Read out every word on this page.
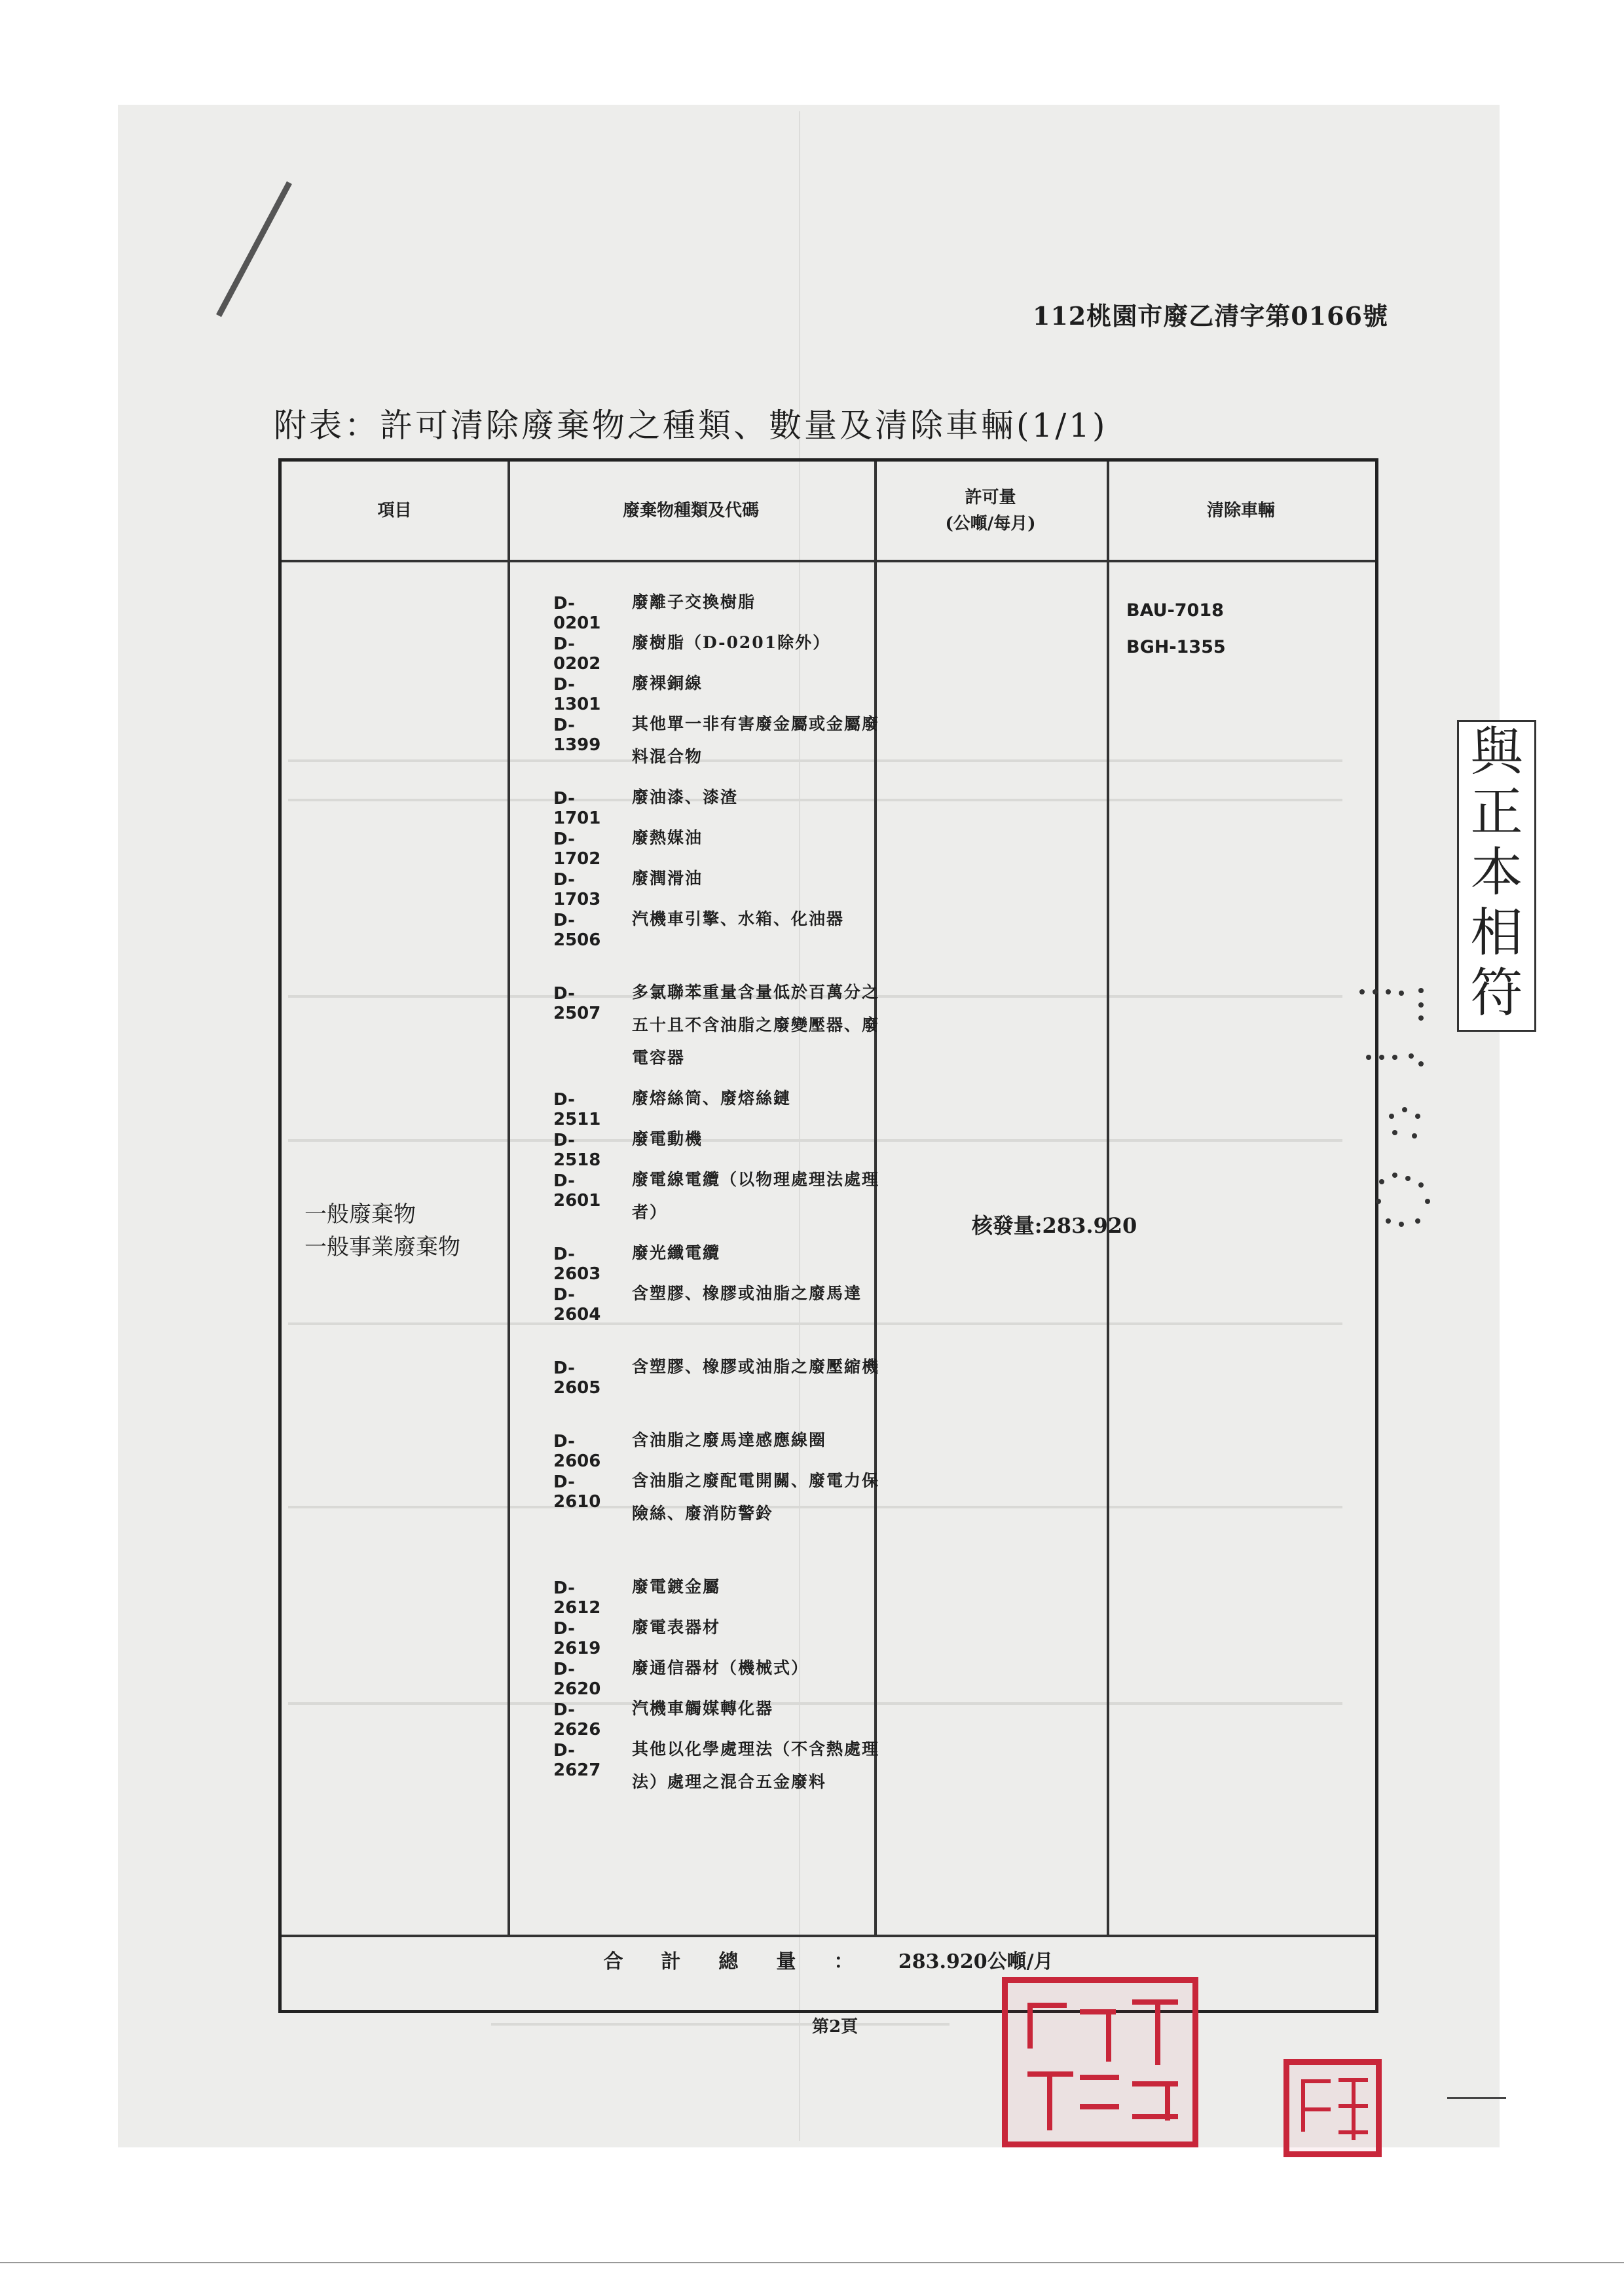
112桃園市廢乙清字第0166號
附表：許可清除廢棄物之種類、數量及清除車輛(1/1)
項目	廢棄物種類及代碼
許可量
(公噸/每月)
清除車輛
一般廢棄物
一般事業廢棄物
核發量:283.920
BAU-7018
BGH-1355
D-0201
廢離子交換樹脂
D-0202
廢樹脂（D-0201除外）
D-1301
廢裸銅線
D-1399
其他單一非有害廢金屬或金屬廢料混合物
D-1701
廢油漆、漆渣
D-1702
廢熱媒油
D-1703
廢潤滑油
D-2506
汽機車引擎、水箱、化油器
D-2507
多氯聯苯重量含量低於百萬分之五十且不含油脂之廢變壓器、廢電容器
D-2511
廢熔絲筒、廢熔絲鏈
D-2518
廢電動機
D-2601
廢電線電纜（以物理處理法處理者）
D-2603
廢光纖電纜
D-2604
含塑膠、橡膠或油脂之廢馬達
D-2605
含塑膠、橡膠或油脂之廢壓縮機
D-2606
含油脂之廢馬達感應線圈
D-2610
含油脂之廢配電開關、廢電力保險絲、廢消防警鈴
D-2612
廢電鍍金屬
D-2619
廢電表器材
D-2620
廢通信器材（機械式）
D-2626
汽機車觸媒轉化器
D-2627
其他以化學處理法（不含熱處理法）處理之混合五金廢料
合計總量： 283.920公噸/月
第2頁
與
正
本
相
符
